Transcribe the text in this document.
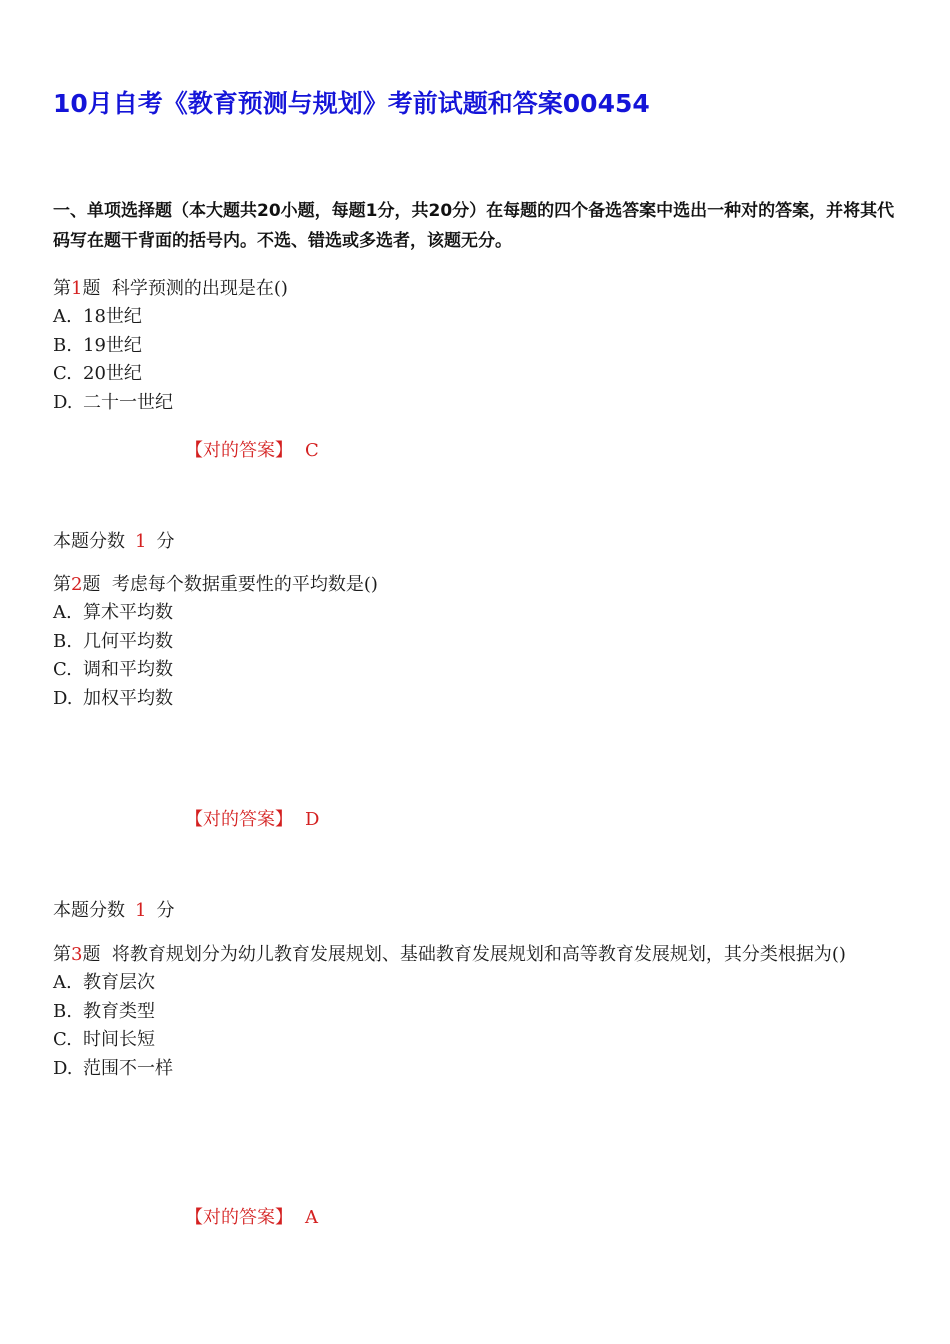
10月自考《教育预测与规划》考前试题和答案00454

一、单项选择题（本大题共20小题，每题1分，共20分）在每题的四个备选答案中选出一种对的答案，并将其代码写在题干背面的括号内。不选、错选或多选者，该题无分。

第1题 科学预测的出现是在()

A. 18世纪
B. 19世纪
C. 20世纪
D. 二十一世纪
【对的答案】 C
本题分数 1 分

第2题 考虑每个数据重要性的平均数是()

A. 算术平均数
B. 几何平均数
C. 调和平均数
D. 加权平均数
【对的答案】 D
本题分数 1 分

第3题 将教育规划分为幼儿教育发展规划、基础教育发展规划和高等教育发展规划，其分类根据为()

A. 教育层次
B. 教育类型
C. 时间长短
D. 范围不一样
【对的答案】 A
